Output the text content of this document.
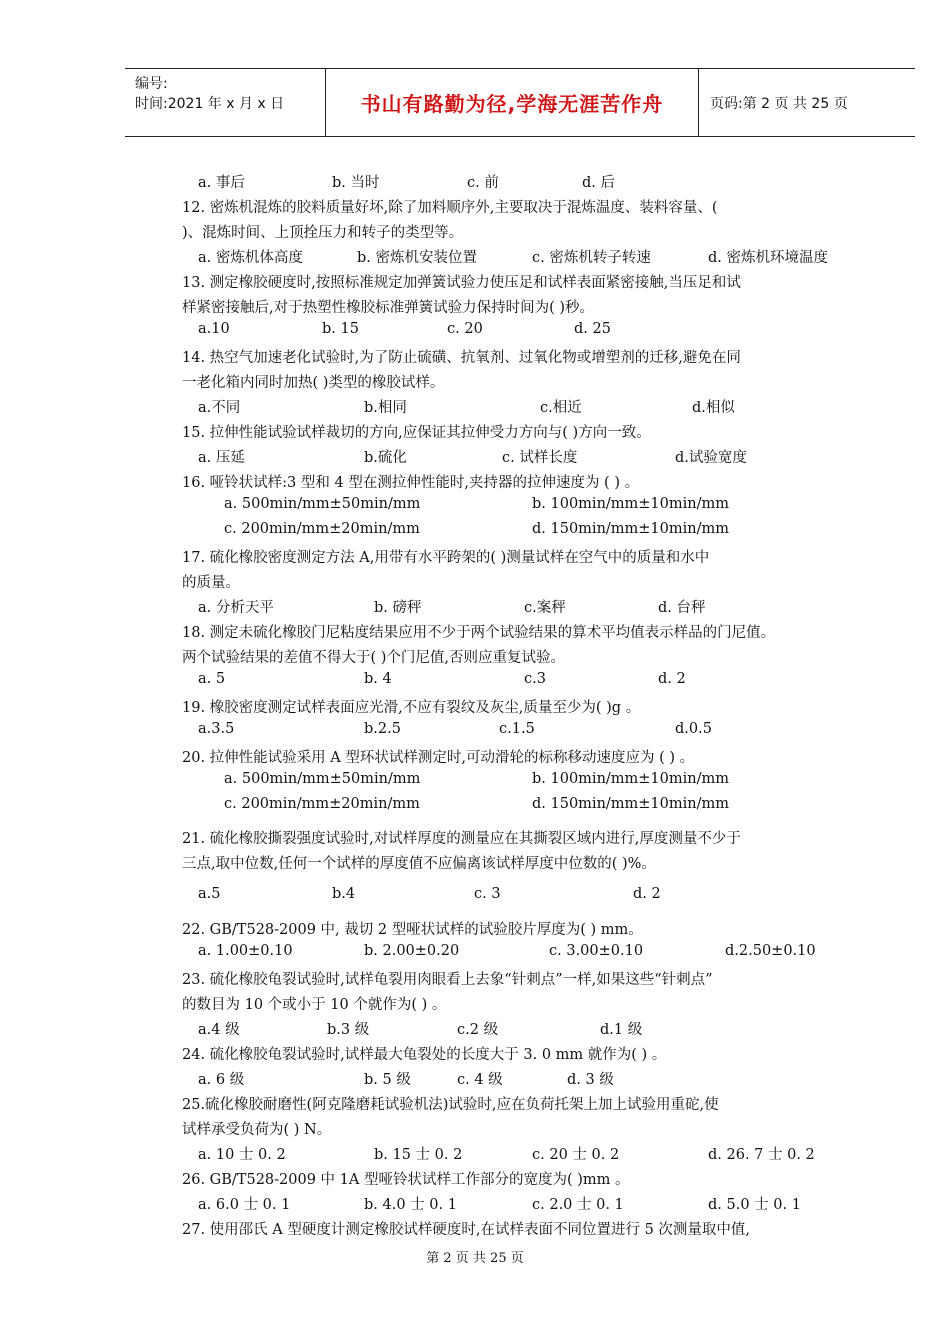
编号:
时间:2021 年 x 月 x 日	书山有路勤为径,学海无涯苦作舟	页码:第 2 页 共 25 页
a. 事后	b. 当时	c. 前	d. 后
12. 密炼机混炼的胶料质量好坏,除了加料顺序外,主要取决于混炼温度、装料容量、(
)、混炼时间、上顶拴压力和转子的类型等。
a. 密炼机体高度	b. 密炼机安装位置	c. 密炼机转子转速	d. 密炼机环境温度
13. 测定橡胶硬度时,按照标准规定加弹簧试验力使压足和试样表面紧密接触,当压足和试
样紧密接触后,对于热塑性橡胶标准弹簧试验力保持时间为( )秒。
a.10	b. 15	c. 20	d. 25
14. 热空气加速老化试验时,为了防止硫磺、抗氧剂、过氧化物或增塑剂的迁移,避免在同
一老化箱内同时加热( )类型的橡胶试样。
a.不同	b.相同	c.相近	d.相似
15. 拉伸性能试验试样裁切的方向,应保证其拉伸受力方向与( )方向一致。
a. 压延	b.硫化	c. 试样长度	d.试验宽度
16. 哑铃状试样:3 型和 4 型在测拉伸性能时,夹持器的拉伸速度为 ( ) 。
a. 500min/mm±50min/mm	b. 100min/mm±10min/mm
c. 200min/mm±20min/mm	d. 150min/mm±10min/mm
17. 硫化橡胶密度测定方法 A,用带有水平跨架的( )测量试样在空气中的质量和水中
的质量。
a. 分析天平	b. 磅秤	c.案秤	d. 台秤
18. 测定未硫化橡胶门尼粘度结果应用不少于两个试验结果的算术平均值表示样品的门尼值。
两个试验结果的差值不得大于( )个门尼值,否则应重复试验。
a. 5	b. 4	c.3	d. 2
19. 橡胶密度测定试样表面应光滑,不应有裂纹及灰尘,质量至少为( )g 。
a.3.5	b.2.5	c.1.5	d.0.5
20. 拉伸性能试验采用 A 型环状试样测定时,可动滑轮的标称移动速度应为 ( ) 。
a. 500min/mm±50min/mm	b. 100min/mm±10min/mm
c. 200min/mm±20min/mm	d. 150min/mm±10min/mm
21. 硫化橡胶撕裂强度试验时,对试样厚度的测量应在其撕裂区域内进行,厚度测量不少于
三点,取中位数,任何一个试样的厚度值不应偏离该试样厚度中位数的( )%。
a.5	b.4	c. 3	d. 2
22. GB/T528-2009 中, 裁切 2 型哑状试样的试验胶片厚度为( ) mm。
a. 1.00±0.10	b. 2.00±0.20	c. 3.00±0.10	d.2.50±0.10
23. 硫化橡胶龟裂试验时,试样龟裂用肉眼看上去象“针刺点”一样,如果这些“针刺点”
的数目为 10 个或小于 10 个就作为( ) 。
a.4 级	b.3 级	c.2 级	d.1 级
24. 硫化橡胶龟裂试验时,试样最大龟裂处的长度大于 3. 0 mm 就作为( ) 。
a. 6 级	b. 5 级	c. 4 级	d. 3 级
25.硫化橡胶耐磨性(阿克隆磨耗试验机法)试验时,应在负荷托架上加上试验用重砣,使
试样承受负荷为( ) N。
a. 10 士 0. 2	b. 15 士 0. 2	c. 20 士 0. 2	d. 26. 7 士 0. 2
26. GB/T528-2009 中 1A 型哑铃状试样工作部分的宽度为( )mm 。
a. 6.0 士 0. 1	b. 4.0 士 0. 1	c. 2.0 士 0. 1	d. 5.0 士 0. 1
27. 使用邵氏 A 型硬度计测定橡胶试样硬度时,在试样表面不同位置进行 5 次测量取中值,
第 2 页 共 25 页
